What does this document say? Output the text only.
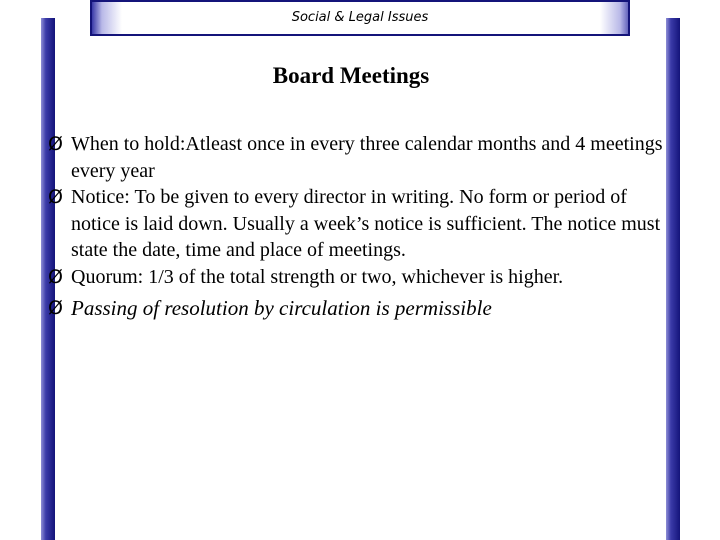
Social & Legal Issues
Board Meetings
Ø When to hold:Atleast once in every three calendar months and 4 meetings every year
Ø Notice: To be given to every director in writing. No form or period of notice is laid down. Usually a week’s notice is sufficient. The notice must state the date, time and place of meetings.
Ø Quorum: 1/3 of the total strength or two, whichever is higher.
Ø Passing of resolution by circulation is permissible
